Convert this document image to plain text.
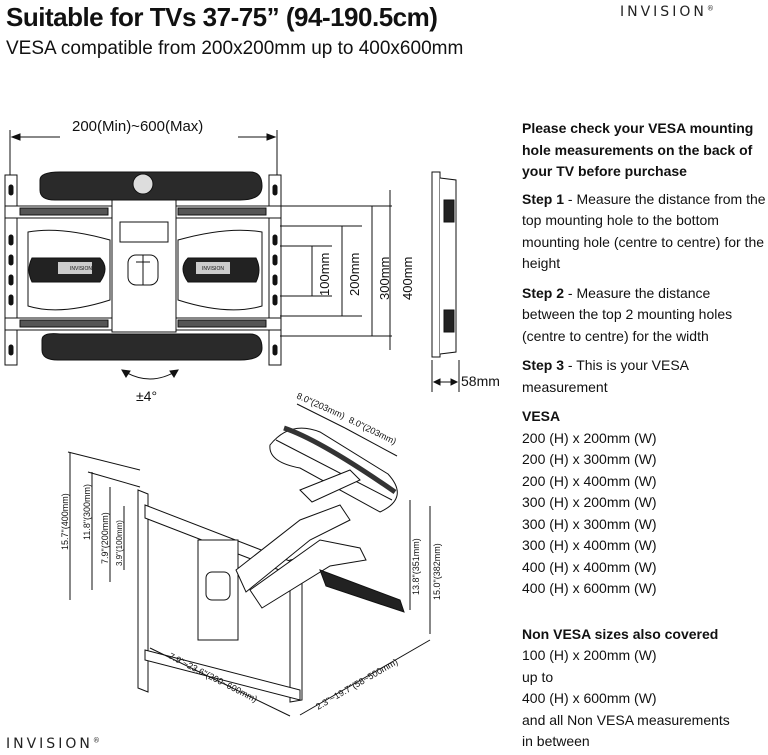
Suitable for TVs 37-75” (94-190.5cm)
VESA compatible from 200x200mm up to 400x600mm
INVISION®
INVISION®
200(Min)~600(Max)
±4°
100mm 200mm 300mm 400mm
INVISION	INVISION
58mm
8.0"(203mm)
8.0"(203mm)
15.7"(400mm) 11.8"(300mm) 7.9"(200mm) 3.9"(100mm)	13.8"(351mm) 15.0"(382mm)
7.9"~23.6"(200~600mm)	2.3"~19.7"(58~500mm)
Please check your VESA mounting hole measurements on the back of your TV before purchase
Step 1 - Measure the distance from the top mounting hole to the bottom mounting hole (centre to centre) for the height
Step 2 - Measure the distance between the top 2 mounting holes (centre to centre) for the width
Step 3 - This is your VESA measurement
VESA
200 (H) x 200mm (W)
200 (H) x 300mm (W)
200 (H) x 400mm (W)
300 (H) x 200mm (W)
300 (H) x 300mm (W)
300 (H) x 400mm (W)
400 (H) x 400mm (W)
400 (H) x 600mm (W)
Non VESA sizes also covered
100 (H) x 200mm (W)
up to
400 (H) x 600mm (W)
and all Non VESA measurements
in between
